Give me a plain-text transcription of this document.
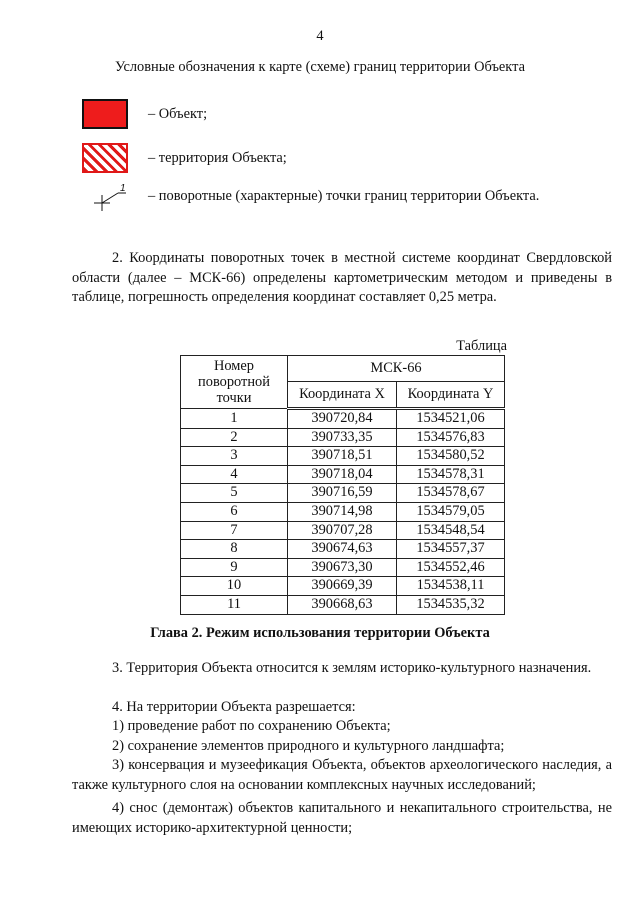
4
Условные обозначения к карте (схеме) границ территории Объекта
– Объект;
– территория Объекта;
1 – поворотные (характерные) точки границ территории Объекта.

2. Координаты поворотных точек в местной системе координат Свердловской области (далее – МСК-66) определены картометрическим методом и приведены в таблице, погрешность определения координат составляет 0,25 метра.

Таблица
Номер поворотной точки	МСК-66	
	Координата X	Координата Y
1	390720,84	1534521,06
2	390733,35	1534576,83
3	390718,51	1534580,52
4	390718,04	1534578,31
5	390716,59	1534578,67
6	390714,98	1534579,05
7	390707,28	1534548,54
8	390674,63	1534557,37
9	390673,30	1534552,46
10	390669,39	1534538,11
11	390668,63	1534535,32
Глава 2. Режим использования территории Объекта

3. Территория Объекта относится к землям историко-культурного назначения.

4. На территории Объекта разрешается:

1) проведение работ по сохранению Объекта;

2) сохранение элементов природного и культурного ландшафта;

3) консервация и музеефикация Объекта, объектов археологического наследия, а также культурного слоя на основании комплексных научных исследований;

4) снос (демонтаж) объектов капитального и некапитального строительства, не имеющих историко-архитектурной ценности;
